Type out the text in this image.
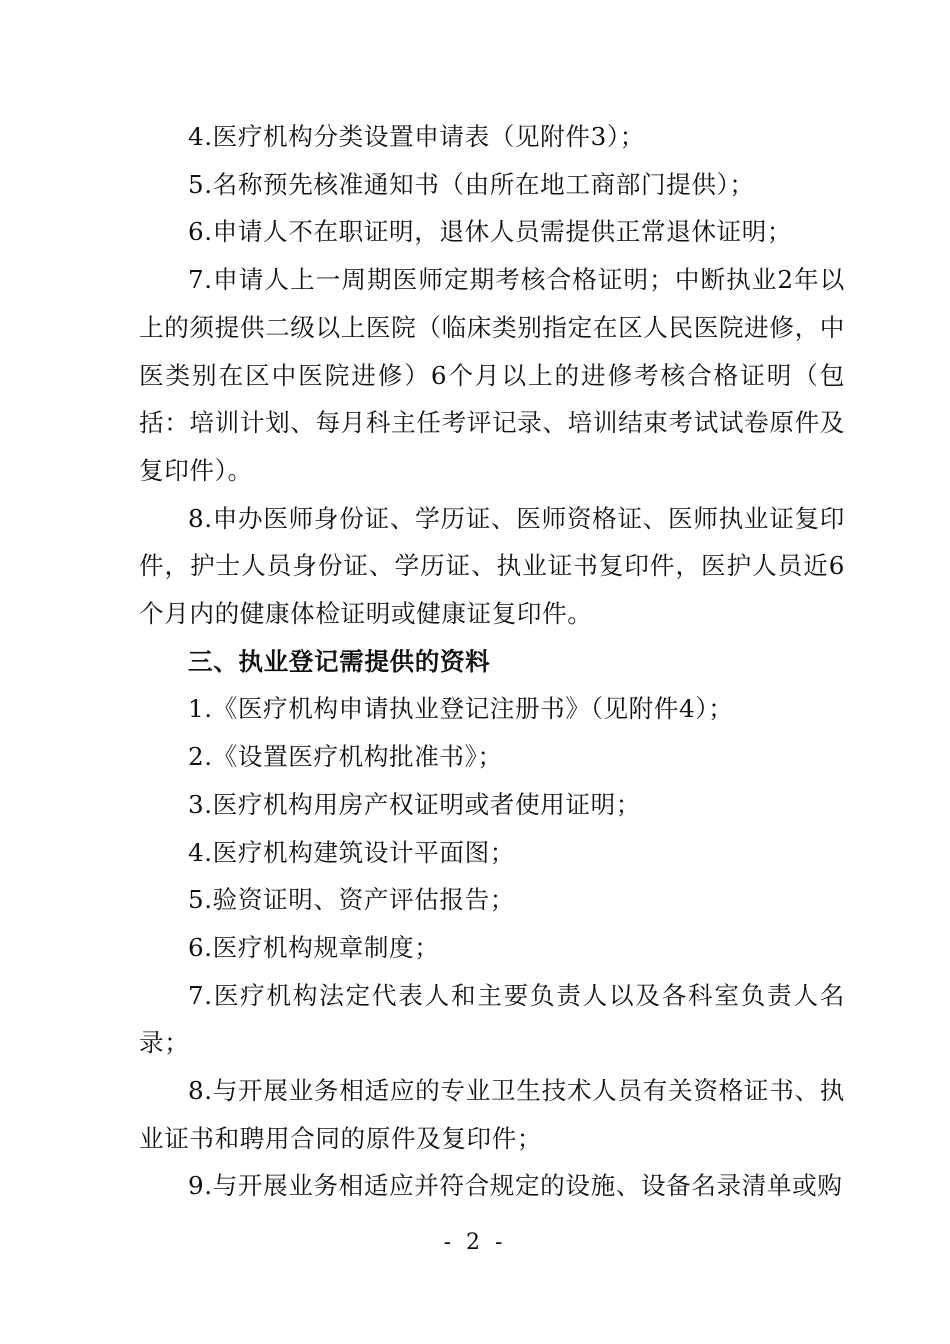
4.医疗机构分类设置申请表（见附件3）；

5.名称预先核准通知书（由所在地工商部门提供）；

6.申请人不在职证明，退休人员需提供正常退休证明；

7.申请人上一周期医师定期考核合格证明；中断执业2年以上的须提供二级以上医院（临床类别指定在区人民医院进修，中医类别在区中医院进修）6个月以上的进修考核合格证明（包括：培训计划、每月科主任考评记录、培训结束考试试卷原件及复印件）。

8.申办医师身份证、学历证、医师资格证、医师执业证复印件，护士人员身份证、学历证、执业证书复印件，医护人员近6个月内的健康体检证明或健康证复印件。

三、执业登记需提供的资料

1.《医疗机构申请执业登记注册书》（见附件4）；

2.《设置医疗机构批准书》；

3.医疗机构用房产权证明或者使用证明；

4.医疗机构建筑设计平面图；

5.验资证明、资产评估报告；

6.医疗机构规章制度；

7.医疗机构法定代表人和主要负责人以及各科室负责人名录；

8.与开展业务相适应的专业卫生技术人员有关资格证书、执业证书和聘用合同的原件及复印件；

9.与开展业务相适应并符合规定的设施、设备名录清单或购

- 2 -
